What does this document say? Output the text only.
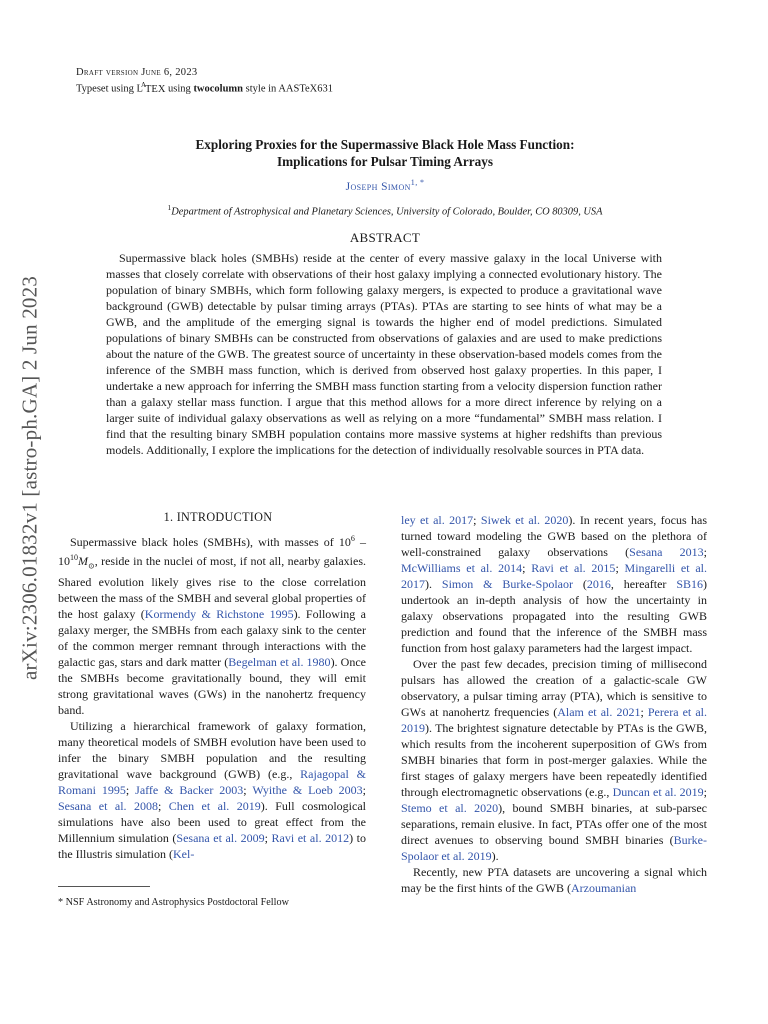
Draft version June 6, 2023
Typeset using $L^ATEX$ using twocolumn style in AASTeX631
arXiv:2306.01832v1 [astro-ph.GA] 2 Jun 2023
Exploring Proxies for the Supermassive Black Hole Mass Function:
Implications for Pulsar Timing Arrays
Joseph Simon$^{1, *}$
$^1$Department of Astrophysical and Planetary Sciences, University of Colorado, Boulder, CO 80309, USA
ABSTRACT
Supermassive black holes (SMBHs) reside at the center of every massive galaxy in the local Universe with masses that closely correlate with observations of their host galaxy implying a connected evolutionary history. The population of binary SMBHs, which form following galaxy mergers, is expected to produce a gravitational wave background (GWB) detectable by pulsar timing arrays (PTAs). PTAs are starting to see hints of what may be a GWB, and the amplitude of the emerging signal is towards the higher end of model predictions. Simulated populations of binary SMBHs can be constructed from observations of galaxies and are used to make predictions about the nature of the GWB. The greatest source of uncertainty in these observation-based models comes from the inference of the SMBH mass function, which is derived from observed host galaxy properties. In this paper, I undertake a new approach for inferring the SMBH mass function starting from a velocity dispersion function rather than a galaxy stellar mass function. I argue that this method allows for a more direct inference by relying on a larger suite of individual galaxy observations as well as relying on a more “fundamental” SMBH mass relation. I find that the resulting binary SMBH population contains more massive systems at higher redshifts than previous models. Additionally, I explore the implications for the detection of individually resolvable sources in PTA data.
1. INTRODUCTION

Supermassive black holes (SMBHs), with masses of $10^6 - 10^{10}M_⊙$, reside in the nuclei of most, if not all, nearby galaxies. Shared evolution likely gives rise to the close correlation between the mass of the SMBH and several global properties of the host galaxy (Kormendy & Richstone 1995). Following a galaxy merger, the SMBHs from each galaxy sink to the center of the common merger remnant through interactions with the galactic gas, stars and dark matter (Begelman et al. 1980). Once the SMBHs become gravitationally bound, they will emit strong gravitational waves (GWs) in the nanohertz frequency band.

Utilizing a hierarchical framework of galaxy formation, many theoretical models of SMBH evolution have been used to infer the binary SMBH population and the resulting gravitational wave background (GWB) (e.g., Rajagopal & Romani 1995; Jaffe & Backer 2003; Wyithe & Loeb 2003; Sesana et al. 2008; Chen et al. 2019). Full cosmological simulations have also been used to great effect from the Millennium simulation (Sesana et al. 2009; Ravi et al. 2012) to the Illustris simulation (Kel-

* NSF Astronomy and Astrophysics Postdoctoral Fellow

ley et al. 2017; Siwek et al. 2020). In recent years, focus has turned toward modeling the GWB based on the plethora of well-constrained galaxy observations (Sesana 2013; McWilliams et al. 2014; Ravi et al. 2015; Mingarelli et al. 2017). Simon & Burke-Spolaor (2016, hereafter SB16) undertook an in-depth analysis of how the uncertainty in galaxy observations propagated into the resulting GWB prediction and found that the inference of the SMBH mass function from host galaxy parameters had the largest impact.

Over the past few decades, precision timing of millisecond pulsars has allowed the creation of a galactic-scale GW observatory, a pulsar timing array (PTA), which is sensitive to GWs at nanohertz frequencies (Alam et al. 2021; Perera et al. 2019). The brightest signature detectable by PTAs is the GWB, which results from the incoherent superposition of GWs from SMBH binaries that form in post-merger galaxies. While the first stages of galaxy mergers have been repeatedly identified through electromagnetic observations (e.g., Duncan et al. 2019; Stemo et al. 2020), bound SMBH binaries, at sub-parsec separations, remain elusive. In fact, PTAs offer one of the most direct avenues to observing bound SMBH binaries (Burke-Spolaor et al. 2019).

Recently, new PTA datasets are uncovering a signal which may be the first hints of the GWB (Arzoumanian
